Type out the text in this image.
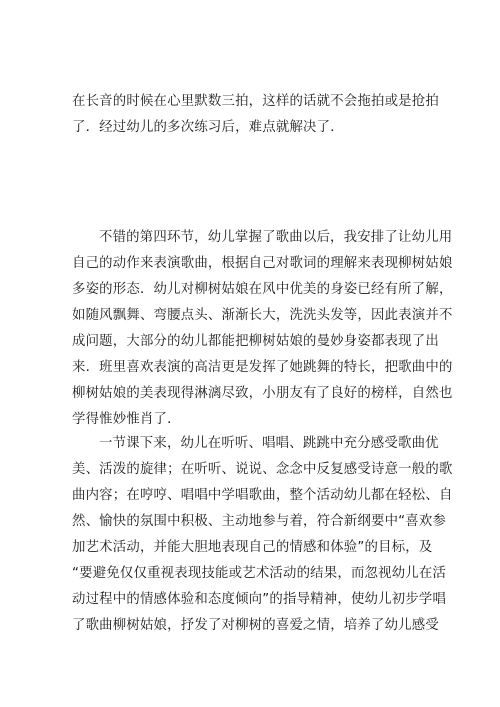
在长音的时候在心里默数三拍，这样的话就不会拖拍或是抢拍
了．经过幼儿的多次练习后，难点就解决了．
不错的第四环节，幼儿掌握了歌曲以后，我安排了让幼儿用
自己的动作来表演歌曲，根据自己对歌词的理解来表现柳树姑娘
多姿的形态．幼儿对柳树姑娘在风中优美的身姿已经有所了解，
如随风飘舞、弯腰点头、渐渐长大，洗洗头发等，因此表演并不
成问题，大部分的幼儿都能把柳树姑娘的曼妙身姿都表现了出
来．班里喜欢表演的高洁更是发挥了她跳舞的特长，把歌曲中的
柳树姑娘的美表现得淋漓尽致，小朋友有了良好的榜样，自然也
学得惟妙惟肖了．
一节课下来，幼儿在听听、唱唱、跳跳中充分感受歌曲优
美、活泼的旋律；在听听、说说、念念中反复感受诗意一般的歌
曲内容；在哼哼、唱唱中学唱歌曲，整个活动幼儿都在轻松、自
然、愉快的氛围中积极、主动地参与着，符合新纲要中“喜欢参
加艺术活动，并能大胆地表现自己的情感和体验”的目标，及
“要避免仅仅重视表现技能或艺术活动的结果，而忽视幼儿在活
动过程中的情感体验和态度倾向”的指导精神，使幼儿初步学唱
了歌曲柳树姑娘，抒发了对柳树的喜爱之情，培养了幼儿感受
